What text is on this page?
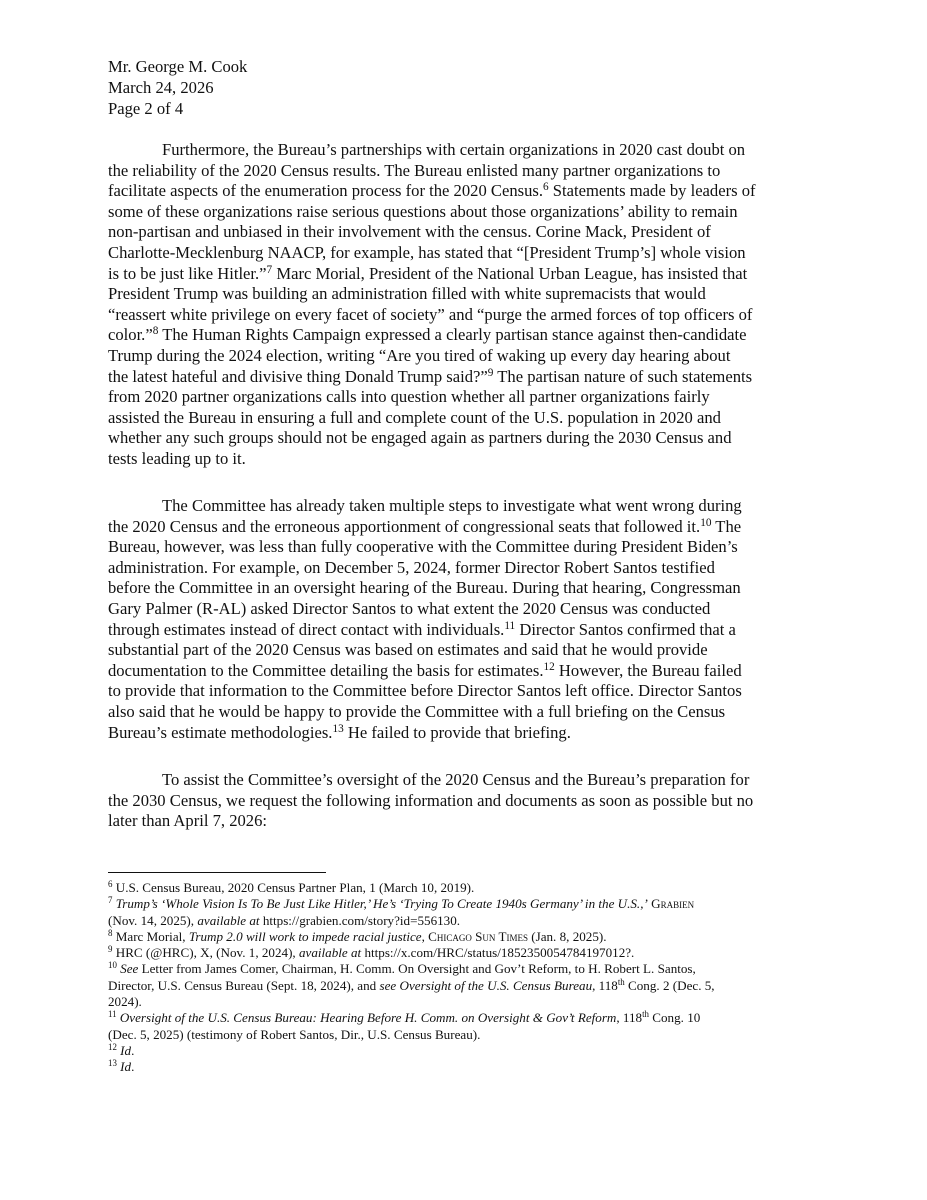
Mr. George M. Cook
March 24, 2026
Page 2 of 4
Furthermore, the Bureau’s partnerships with certain organizations in 2020 cast doubt on
the reliability of the 2020 Census results. The Bureau enlisted many partner organizations to
facilitate aspects of the enumeration process for the 2020 Census.$^6$ Statements made by leaders of
some of these organizations raise serious questions about those organizations’ ability to remain
non-partisan and unbiased in their involvement with the census. Corine Mack, President of
Charlotte-Mecklenburg NAACP, for example, has stated that “[President Trump’s] whole vision
is to be just like Hitler.”$^7$ Marc Morial, President of the National Urban League, has insisted that
President Trump was building an administration filled with white supremacists that would
“reassert white privilege on every facet of society” and “purge the armed forces of top officers of
color.”$^8$ The Human Rights Campaign expressed a clearly partisan stance against then-candidate
Trump during the 2024 election, writing “Are you tired of waking up every day hearing about
the latest hateful and divisive thing Donald Trump said?”$^9$ The partisan nature of such statements
from 2020 partner organizations calls into question whether all partner organizations fairly
assisted the Bureau in ensuring a full and complete count of the U.S. population in 2020 and
whether any such groups should not be engaged again as partners during the 2030 Census and
tests leading up to it.
The Committee has already taken multiple steps to investigate what went wrong during
the 2020 Census and the erroneous apportionment of congressional seats that followed it.$^{10}$ The
Bureau, however, was less than fully cooperative with the Committee during President Biden’s
administration. For example, on December 5, 2024, former Director Robert Santos testified
before the Committee in an oversight hearing of the Bureau. During that hearing, Congressman
Gary Palmer (R-AL) asked Director Santos to what extent the 2020 Census was conducted
through estimates instead of direct contact with individuals.$^{11}$ Director Santos confirmed that a
substantial part of the 2020 Census was based on estimates and said that he would provide
documentation to the Committee detailing the basis for estimates.$^{12}$ However, the Bureau failed
to provide that information to the Committee before Director Santos left office. Director Santos
also said that he would be happy to provide the Committee with a full briefing on the Census
Bureau’s estimate methodologies.$^{13}$ He failed to provide that briefing.
To assist the Committee’s oversight of the 2020 Census and the Bureau’s preparation for
the 2030 Census, we request the following information and documents as soon as possible but no
later than April 7, 2026:
$^6$ U.S. Census Bureau, 2020 Census Partner Plan, 1 (March 10, 2019).
$^7$ Trump’s ‘Whole Vision Is To Be Just Like Hitler,’ He’s ‘Trying To Create 1940s Germany’ in the U.S.,’ Grabien
(Nov. 14, 2025), available at https://grabien.com/story?id=556130.
$^8$ Marc Morial, Trump 2.0 will work to impede racial justice, Chicago Sun Times (Jan. 8, 2025).
$^9$ HRC (@HRC), X, (Nov. 1, 2024), available at https://x.com/HRC/status/1852350054784197012?.
$^{10}$ See Letter from James Comer, Chairman, H. Comm. On Oversight and Gov’t Reform, to H. Robert L. Santos,
Director, U.S. Census Bureau (Sept. 18, 2024), and see Oversight of the U.S. Census Bureau, 118th Cong. 2 (Dec. 5,
2024).
$^{11}$ Oversight of the U.S. Census Bureau: Hearing Before H. Comm. on Oversight & Gov’t Reform, 118th Cong. 10
(Dec. 5, 2025) (testimony of Robert Santos, Dir., U.S. Census Bureau).
$^{12}$ Id.
$^{13}$ Id.
